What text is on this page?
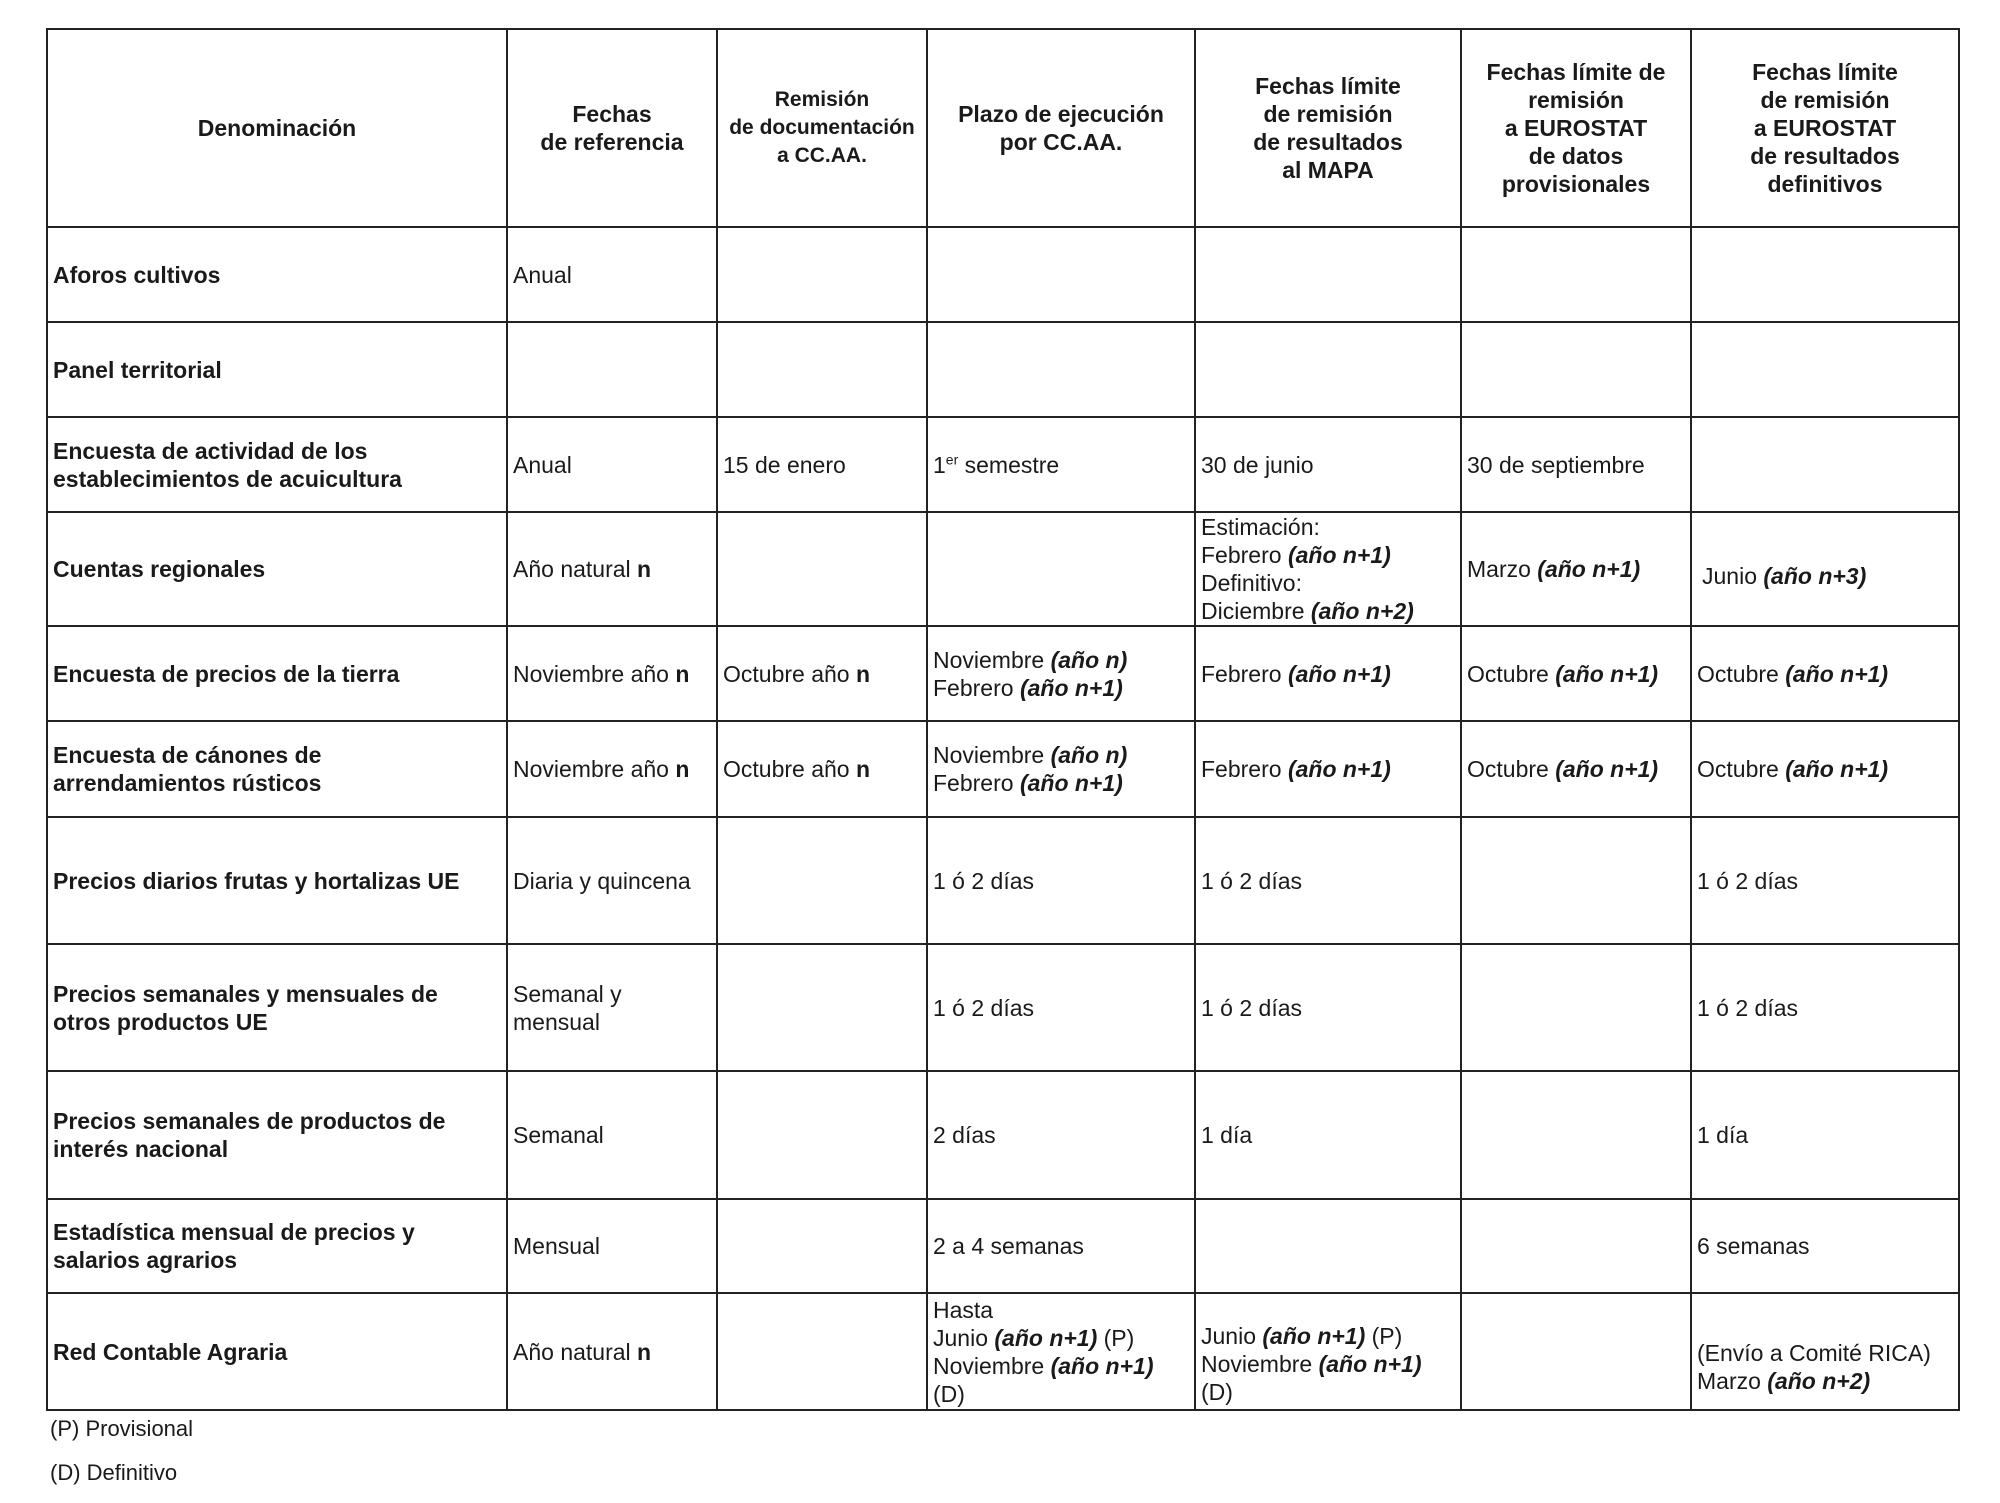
Denominación	Fechas
de referencia	Remisión
de documentación
a CC.AA.	Plazo de ejecución
por CC.AA.	Fechas límite
de remisión
de resultados
al MAPA	Fechas límite de
remisión
a EUROSTAT
de datos
provisionales	Fechas límite
de remisión
a EUROSTAT
de resultados
definitivos

Aforos cultivos	Anual					
Panel territorial						

Encuesta de actividad de los
establecimientos de acuicultura	Anual	15 de enero	1er semestre	30 de junio	30 de septiembre	
Cuentas regionales	Año natural n			Estimación:
Febrero (año n+1)
Definitivo:
Diciembre (año n+2)	Marzo (año n+1)	Junio (año n+3)
Encuesta de precios de la tierra	Noviembre año n	Octubre año n	Noviembre (año n)
Febrero (año n+1)	Febrero (año n+1)	Octubre (año n+1)	Octubre (año n+1)

Encuesta de cánones de
arrendamientos rústicos	Noviembre año n	Octubre año n	Noviembre (año n)
Febrero (año n+1)	Febrero (año n+1)	Octubre (año n+1)	Octubre (año n+1)
Precios diarios frutas y hortalizas UE	Diaria y quincena		1 ó 2 días	1 ó 2 días		1 ó 2 días

Precios semanales y mensuales de
otros productos UE	Semanal y
mensual		1 ó 2 días	1 ó 2 días		1 ó 2 días

Precios semanales de productos de
interés nacional	Semanal		2 días	1 día		1 día

Estadística mensual de precios y
salarios agrarios	Mensual		2 a 4 semanas			6 semanas
Red Contable Agraria	Año natural n		Hasta
Junio (año n+1) (P)
Noviembre (año n+1)
(D)	Junio (año n+1) (P)
Noviembre (año n+1)
(D)		(Envío a Comité RICA)
Marzo (año n+2)
(P) Provisional
(D) Definitivo
